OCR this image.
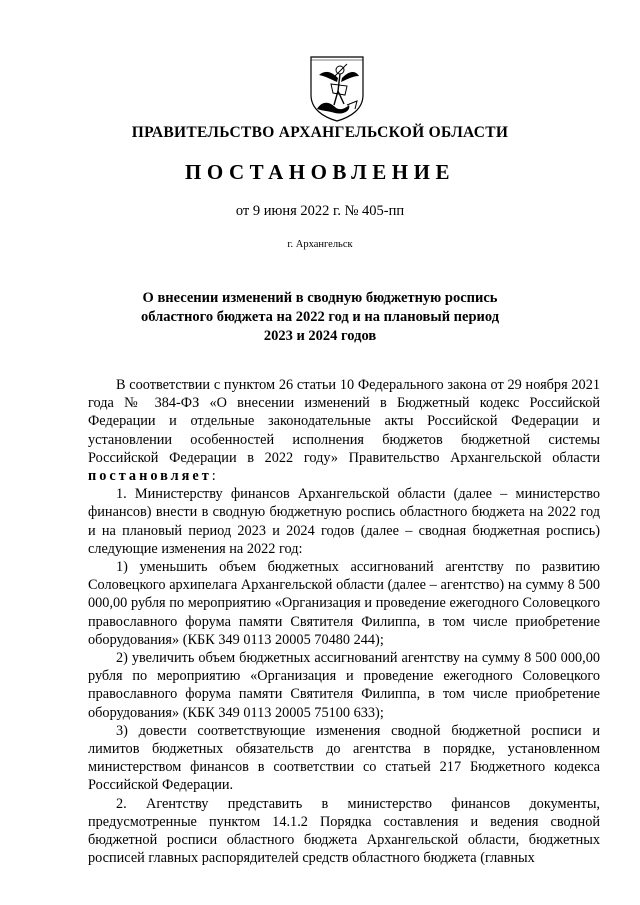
ПРАВИТЕЛЬСТВО АРХАНГЕЛЬСКОЙ ОБЛАСТИ
ПОСТАНОВЛЕНИЕ
от 9 июня 2022 г. № 405-пп
г. Архангельск
О внесении изменений в сводную бюджетную роспись
областного бюджета на 2022 год и на плановый период
2023 и 2024 годов

В соответствии с пунктом 26 статьи 10 Федерального закона от 29 ноября 2021 года № 384-ФЗ «О внесении изменений в Бюджетный кодекс Российской Федерации и отдельные законодательные акты Российской Федерации и установлении особенностей исполнения бюджетов бюджетной системы Российской Федерации в 2022 году» Правительство Архангельской области постановляет:

1. Министерству финансов Архангельской области (далее – министерство финансов) внести в сводную бюджетную роспись областного бюджета на 2022 год и на плановый период 2023 и 2024 годов (далее – сводная бюджетная роспись) следующие изменения на 2022 год:

1) уменьшить объем бюджетных ассигнований агентству по развитию Соловецкого архипелага Архангельской области (далее – агентство) на сумму 8 500 000,00 рубля по мероприятию «Организация и проведение ежегодного Соловецкого православного форума памяти Святителя Филиппа, в том числе приобретение оборудования» (КБК 349 0113 20005 70480 244);

2) увеличить объем бюджетных ассигнований агентству на сумму 8 500 000,00 рубля по мероприятию «Организация и проведение ежегодного Соловецкого православного форума памяти Святителя Филиппа, в том числе приобретение оборудования» (КБК 349 0113 20005 75100 633);

3) довести соответствующие изменения сводной бюджетной росписи и лимитов бюджетных обязательств до агентства в порядке, установленном министерством финансов в соответствии со статьей 217 Бюджетного кодекса Российской Федерации.

2. Агентству представить в министерство финансов документы, предусмотренные пунктом 14.1.2 Порядка составления и ведения сводной бюджетной росписи областного бюджета Архангельской области, бюджетных росписей главных распорядителей средств областного бюджета (главных
